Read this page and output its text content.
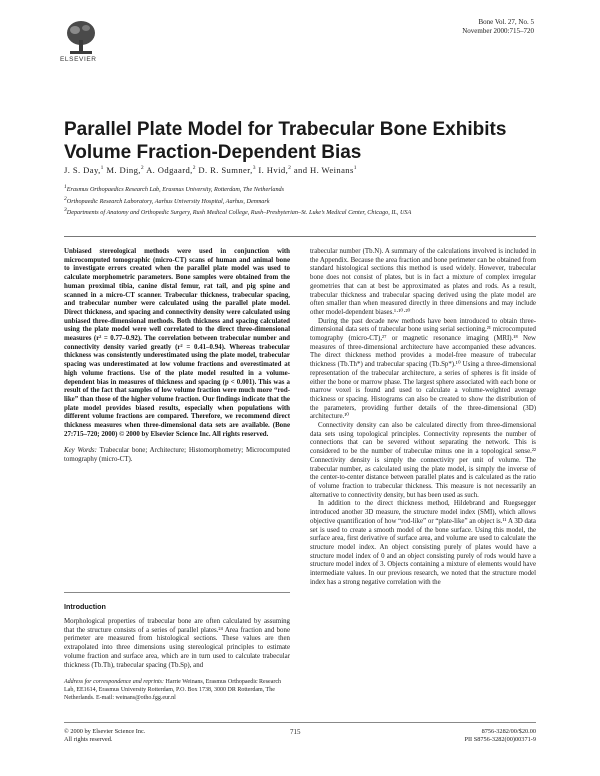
ELSEVIER
Bone Vol. 27, No. 5
November 2000:715–720
Parallel Plate Model for Trabecular Bone Exhibits Volume Fraction-Dependent Bias
J. S. Day,$^1$ M. Ding,$^2$ A. Odgaard,$^2$ D. R. Sumner,$^3$ I. Hvid,$^2$ and H. Weinans$^1$
$^1$Erasmus Orthopaedics Research Lab, Erasmus University, Rotterdam, The Netherlands
$^2$Orthopaedic Research Laboratory, Aarhus University Hospital, Aarhus, Denmark
$^3$Departments of Anatomy and Orthopedic Surgery, Rush Medical College, Rush–Presbyterian–St. Luke’s Medical Center, Chicago, IL, USA

Unbiased stereological methods were used in conjunction with microcomputed tomographic (micro-CT) scans of human and animal bone to investigate errors created when the parallel plate model was used to calculate morphometric parameters. Bone samples were obtained from the human proximal tibia, canine distal femur, rat tail, and pig spine and scanned in a micro-CT scanner. Trabecular thickness, trabecular spacing, and trabecular number were calculated using the parallel plate model. Direct thickness, and spacing and connectivity density were calculated using unbiased three-dimensional methods. Both thickness and spacing calculated using the plate model were well correlated to the direct three-dimensional measures (r² = 0.77–0.92). The correlation between trabecular number and connectivity density varied greatly (r² = 0.41–0.94). Whereas trabecular thickness was consistently underestimated using the plate model, trabecular spacing was underestimated at low volume fractions and overestimated at high volume fractions. Use of the plate model resulted in a volume-dependent bias in measures of thickness and spacing (p < 0.001). This was a result of the fact that samples of low volume fraction were much more “rod-like” than those of the higher volume fraction. Our findings indicate that the plate model provides biased results, especially when populations with different volume fractions are compared. Therefore, we recommend direct thickness measures when three-dimensional data sets are available. (Bone 27:715–720; 2000) © 2000 by Elsevier Science Inc. All rights reserved.

Key Words: Trabecular bone; Architecture; Histomorphometry; Microcomputed tomography (micro-CT).

Introduction

Morphological properties of trabecular bone are often calculated by assuming that the structure consists of a series of parallel plates.²⁴ Area fraction and bone perimeter are measured from histological sections. These values are then extrapolated into three dimensions using stereological principles to estimate volume fraction and surface area, which are in turn used to calculate trabecular thickness (Tb.Th), trabecular spacing (Tb.Sp), and

Address for correspondence and reprints: Harrie Weinans, Erasmus Orthopaedic Research Lab, EE1614, Erasmus University Rotterdam, P.O. Box 1738, 3000 DR Rotterdam, The Netherlands. E-mail: weinans@otho.fgg.eur.nl

trabecular number (Tb.N). A summary of the calculations involved is included in the Appendix. Because the area fraction and bone perimeter can be obtained from standard histological sections this method is used widely. However, trabecular bone does not consist of plates, but is in fact a mixture of complex irregular geometries that can at best be approximated as plates and rods. As a result, trabecular thickness and trabecular spacing derived using the plate model are often smaller than when measured directly in three dimensions and may include other model-dependent biases.¹·¹⁰·²⁰

During the past decade new methods have been introduced to obtain three-dimensional data sets of trabecular bone using serial sectioning,²¹ microcomputed tomography (micro-CT),²⁷ or magnetic resonance imaging (MRI).¹⁸ New measures of three-dimensional architecture have accompanied these advances. The direct thickness method provides a model-free measure of trabecular thickness (Tb.Th*) and trabecular spacing (Tb.Sp*).¹⁰ Using a three-dimensional representation of the trabecular architecture, a series of spheres is fit inside of either the bone or marrow phase. The largest sphere associated with each bone or marrow voxel is found and used to calculate a volume-weighted average thickness or spacing. Histograms can also be created to show the distribution of the parameters, providing further details of the three-dimensional (3D) architecture.¹⁰

Connectivity density can also be calculated directly from three-dimensional data sets using topological principles. Connectivity represents the number of connections that can be severed without separating the network. This is considered to be the number of trabeculae minus one in a topological sense.²² Connectivity density is simply the connectivity per unit of volume. The trabecular number, as calculated using the plate model, is simply the inverse of the center-to-center distance between parallel plates and is calculated as the ratio of volume fraction to trabecular thickness. This measure is not necessarily an alternative to connectivity density, but has been used as such.

In addition to the direct thickness method, Hildebrand and Ruegsegger introduced another 3D measure, the structure model index (SMI), which allows objective quantification of how “rod-like” or “plate-like” an object is.¹¹ A 3D data set is used to create a smooth model of the bone surface. Using this model, the surface area, first derivative of surface area, and volume are used to calculate the structure model index. An object consisting purely of plates would have a structure model index of 0 and an object consisting purely of rods would have a structure model index of 3. Objects containing a mixture of elements would have intermediate values. In our previous research, we noted that the structure model index has a strong negative correlation with the

© 2000 by Elsevier Science Inc.
All rights reserved.
715	8756-3282/00/$20.00
PII S8756-3282(00)00371-9
